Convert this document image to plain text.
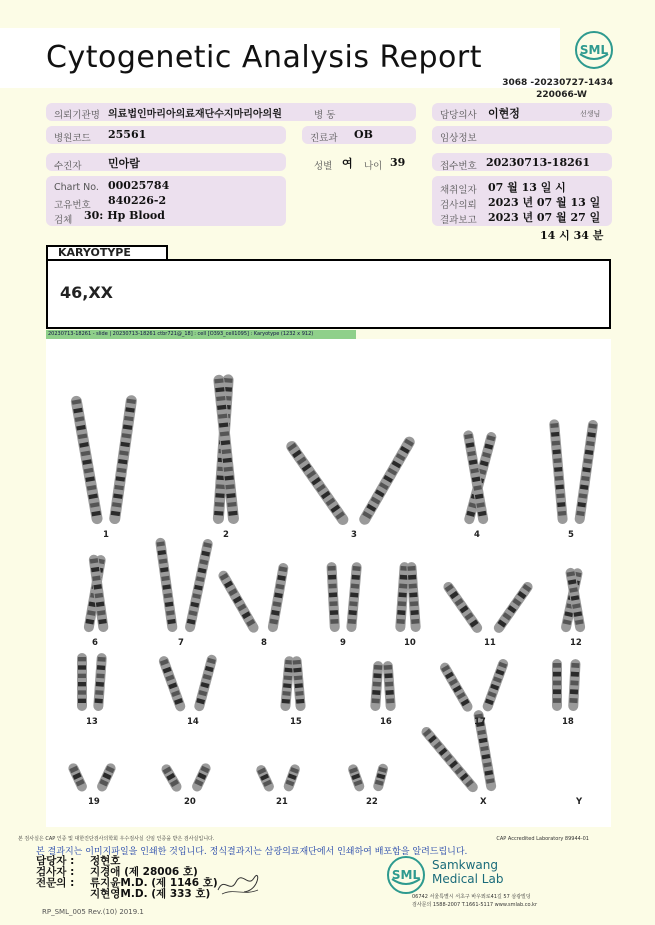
Cytogenetic Analysis Report	SML
3068 -20230727-1434
220066-W
의뢰기관명 의료법인마리아의료재단수지마리아의원	병 동	담당의사 이현정	선생님
병원코드 25561	진료과 OB	임상정보
수진자 민아람	성별 여 나이 39	접수번호 20230713-18261
Chart No. 00025784
고유번호 840226-2
검체 30: Hp Blood
채취일자 07 월 13 일 시
검사의뢰 2023 년 07 월 13 일
결과보고 2023 년 07 월 27 일
14 시 34 분
KARYOTYPE
46,XX
20230713-18261 - slide | 20230713-18261 ctbr721@_18] : cell [O393_cell1095] : Karyotype (1232 x 912)
1	2	3	4	5
6	7	8	9	10	11	12
13	14	15	16	17	18
19	20	21	22	X	Y
본 검사실은 CAP 인증 및 대한진단검사의학회 우수검사실 신임 인증을 받은 검사실입니다.	CAP Accredited Laboratory 89944-01
본 결과지는 이미지파일을 인쇄한 것입니다. 정식결과지는 삼광의료재단에서 인쇄하여 배포함을 알려드립니다.
담당자 : 정현호
검사자 : 지경애 (제 28006 호)
전문의 : 류지윤M.D. (제 1146 호)
지현영M.D. (제 333 호)
RP_SML_005 Rev.(10) 2019.1
SML
Samkwang
Medical Lab
06742 서울특별시 서초구 바우뫼로41길 57 삼광빌딩
검사문의 1588-2007 T.1661-5117 www.smlab.co.kr
